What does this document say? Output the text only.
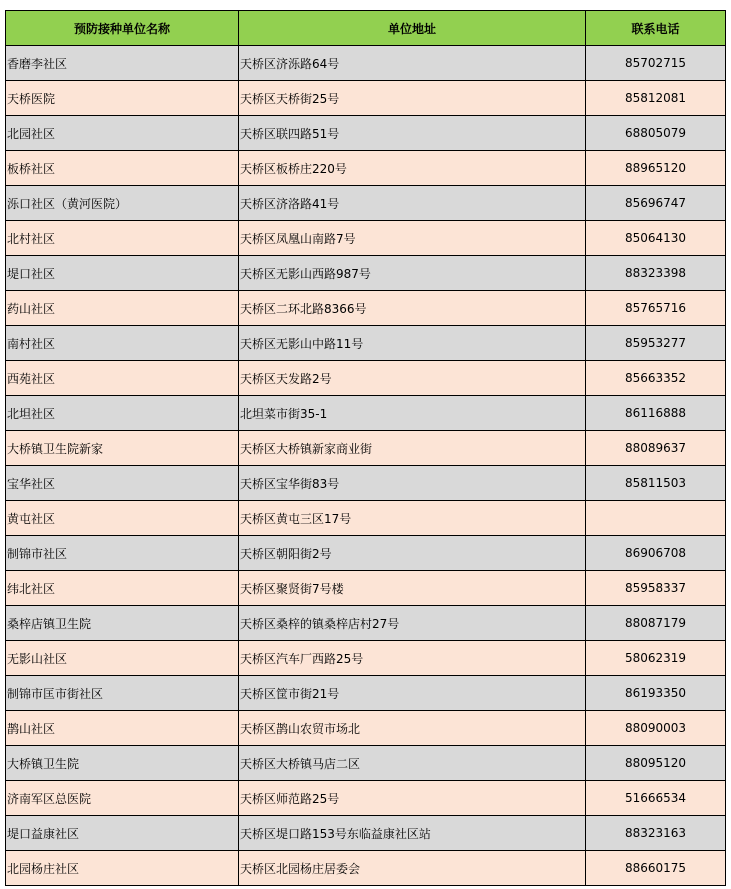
预防接种单位名称	单位地址	联系电话
香磨李社区	天桥区济泺路64号	85702715
天桥医院	天桥区天桥街25号	85812081
北园社区	天桥区联四路51号	68805079
板桥社区	天桥区板桥庄220号	88965120
泺口社区（黄河医院）	天桥区济洛路41号	85696747
北村社区	天桥区凤凰山南路7号	85064130
堤口社区	天桥区无影山西路987号	88323398
药山社区	天桥区二环北路8366号	85765716
南村社区	天桥区无影山中路11号	85953277
西苑社区	天桥区天发路2号	85663352
北坦社区	北坦菜市街35-1	86116888
大桥镇卫生院新家	天桥区大桥镇新家商业街	88089637
宝华社区	天桥区宝华街83号	85811503
黄屯社区	天桥区黄屯三区17号	
制锦市社区	天桥区朝阳街2号	86906708
纬北社区	天桥区聚贤街7号楼	85958337
桑梓店镇卫生院	天桥区桑梓的镇桑梓店村27号	88087179
无影山社区	天桥区汽车厂西路25号	58062319
制锦市匡市街社区	天桥区筐市街21号	86193350
鹊山社区	天桥区鹊山农贸市场北	88090003
大桥镇卫生院	天桥区大桥镇马店二区	88095120
济南军区总医院	天桥区师范路25号	51666534
堤口益康社区	天桥区堤口路153号东临益康社区站	88323163
北园杨庄社区	天桥区北园杨庄居委会	88660175
